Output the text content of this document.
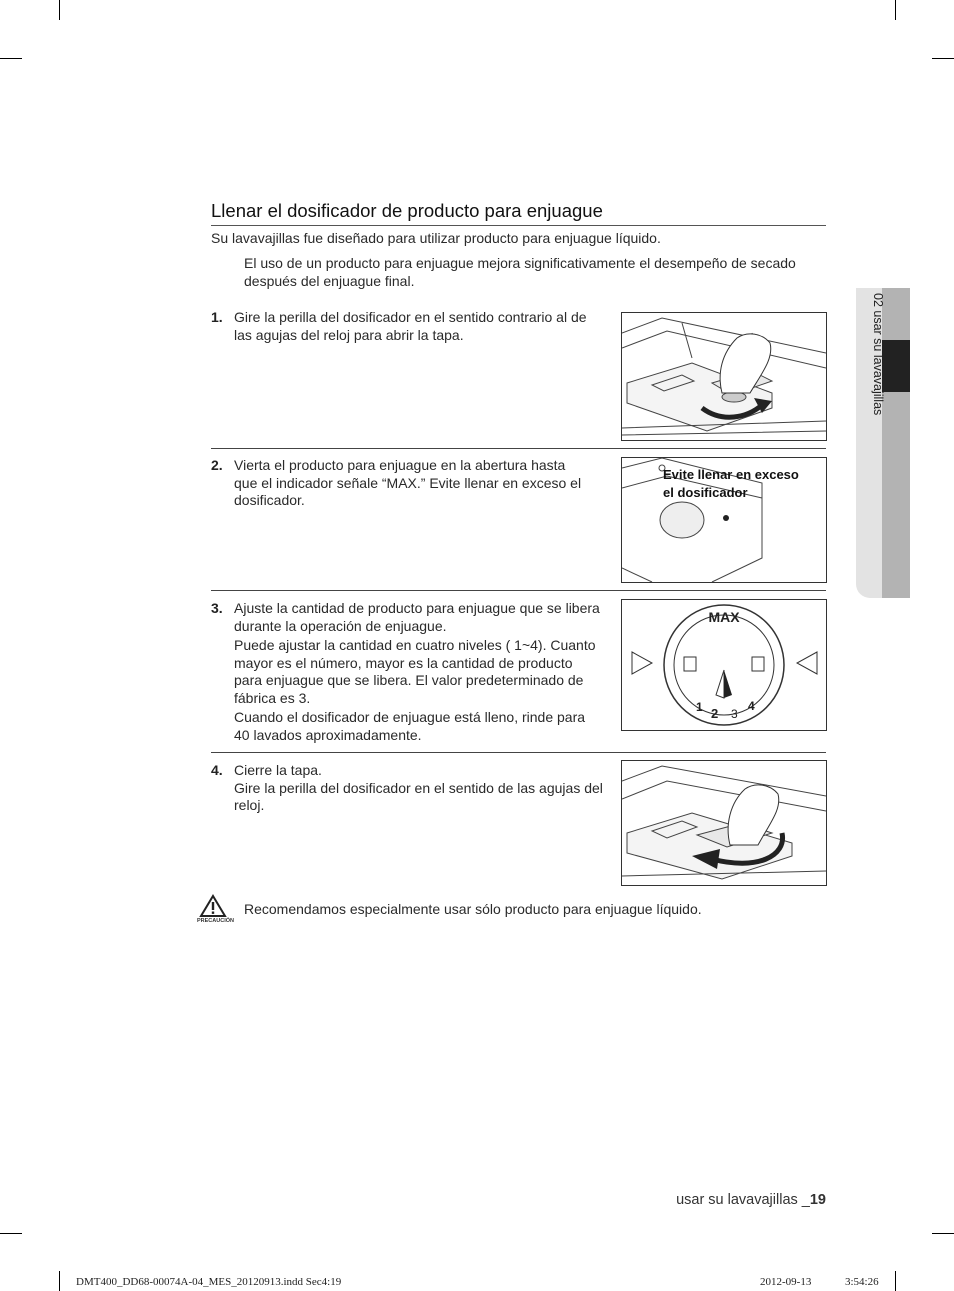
02 usar su lavavajillas
Llenar el dosificador de producto para enjuague
Su lavavajillas fue diseñado para utilizar producto para enjuague líquido.
El uso de un producto para enjuague mejora significativamente el desempeño de secado
después del enjuague final.
1. Gire la perilla del dosificador en el sentido contrario al de
las agujas del reloj para abrir la tapa.
2. Vierta el producto para enjuague en la abertura hasta
que el indicador señale “MAX.” Evite llenar en exceso el
dosificador.
Evite llenar en exceso
el dosificador
3. Ajuste la cantidad de producto para enjuague que se libera
durante la operación de enjuague.
Puede ajustar la cantidad en cuatro niveles ( 1~4). Cuanto
mayor es el número, mayor es la cantidad de producto
para enjuague que se libera. El valor predeterminado de
fábrica es 3.
Cuando el dosificador de enjuague está lleno, rinde para
40 lavados aproximadamente.
MAX
1 2 3
4
4. Cierre la tapa.
Gire la perilla del dosificador en el sentido de las agujas del
reloj.
PRECAUCIÓN
Recomendamos especialmente usar sólo producto para enjuague líquido.
usar su lavavajillas _19
DMT400_DD68-00074A-04_MES_20120913.indd Sec4:19	2012-09-13	3:54:26
